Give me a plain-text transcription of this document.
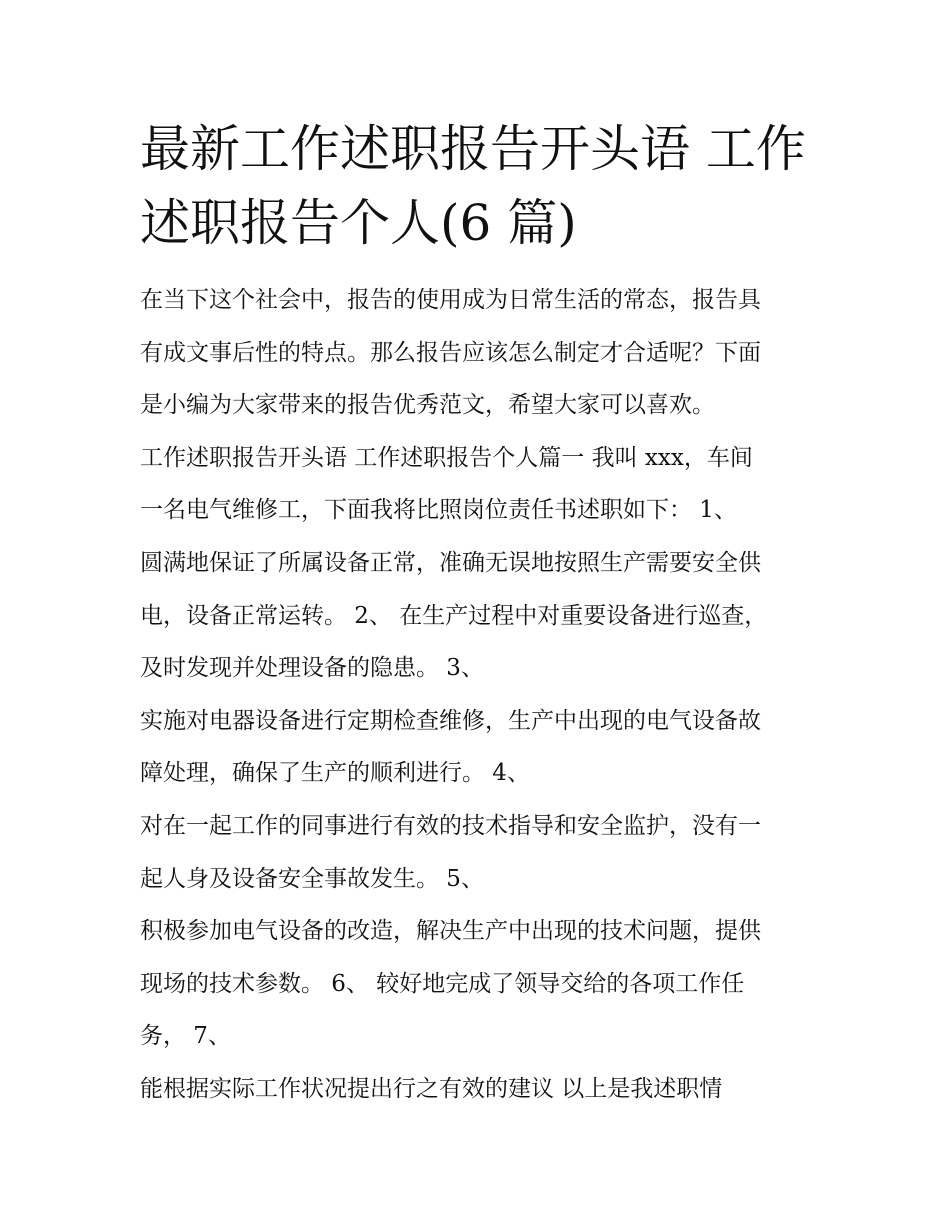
最新工作述职报告开头语 工作
述职报告个人(6 篇)
在当下这个社会中，报告的使用成为日常生活的常态，报告具
有成文事后性的特点。那么报告应该怎么制定才合适呢？下面
是小编为大家带来的报告优秀范文，希望大家可以喜欢。
工作述职报告开头语 工作述职报告个人篇一 我叫 xxx，车间
一名电气维修工，下面我将比照岗位责任书述职如下： 1、
圆满地保证了所属设备正常，准确无误地按照生产需要安全供
电，设备正常运转。 2、 在生产过程中对重要设备进行巡查，
及时发现并处理设备的隐患。 3、
实施对电器设备进行定期检查维修，生产中出现的电气设备故
障处理，确保了生产的顺利进行。 4、
对在一起工作的同事进行有效的技术指导和安全监护，没有一
起人身及设备安全事故发生。 5、
积极参加电气设备的改造，解决生产中出现的技术问题，提供
现场的技术参数。 6、 较好地完成了领导交给的各项工作任
务， 7、
能根据实际工作状况提出行之有效的建议 以上是我述职情
